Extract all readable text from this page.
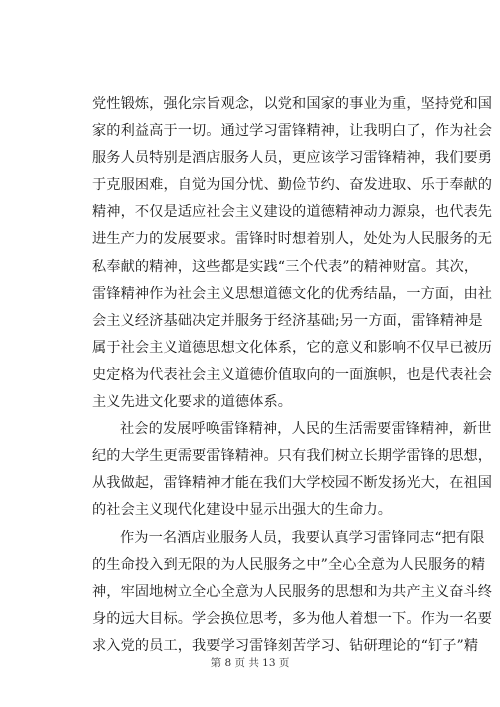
党性锻炼，强化宗旨观念，以党和国家的事业为重，坚持党和国
家的利益高于一切。通过学习雷锋精神，让我明白了，作为社会
服务人员特别是酒店服务人员，更应该学习雷锋精神，我们要勇
于克服困难，自觉为国分忧、勤俭节约、奋发进取、乐于奉献的
精神，不仅是适应社会主义建设的道德精神动力源泉，也代表先
进生产力的发展要求。雷锋时时想着别人，处处为人民服务的无
私奉献的精神，这些都是实践“三个代表”的精神财富。其次，
雷锋精神作为社会主义思想道德文化的优秀结晶，一方面，由社
会主义经济基础决定并服务于经济基础;另一方面，雷锋精神是
属于社会主义道德思想文化体系，它的意义和影响不仅早已被历
史定格为代表社会主义道德价值取向的一面旗帜，也是代表社会
主义先进文化要求的道德体系。
社会的发展呼唤雷锋精神，人民的生活需要雷锋精神，新世
纪的大学生更需要雷锋精神。只有我们树立长期学雷锋的思想，
从我做起，雷锋精神才能在我们大学校园不断发扬光大，在祖国
的社会主义现代化建设中显示出强大的生命力。
作为一名酒店业服务人员，我要认真学习雷锋同志“把有限
的生命投入到无限的为人民服务之中”全心全意为人民服务的精
神，牢固地树立全心全意为人民服务的思想和为共产主义奋斗终
身的远大目标。学会换位思考，多为他人着想一下。作为一名要
求入党的员工，我要学习雷锋刻苦学习、钻研理论的“钉子”精
第 8 页 共 13 页
